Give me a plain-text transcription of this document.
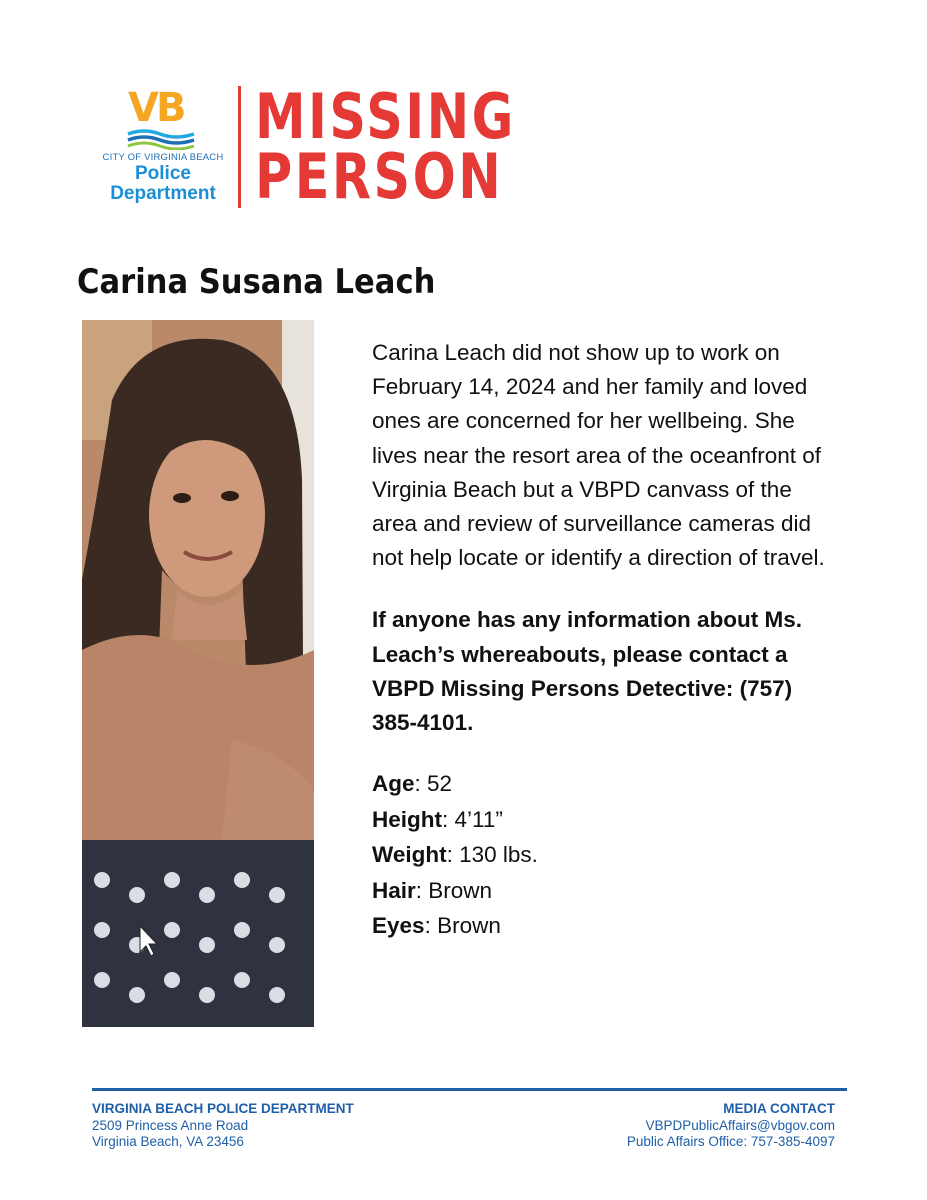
VB
CITY OF VIRGINIA BEACH
Police
Department
MISSING
PERSON
Carina Susana Leach

Carina Leach did not show up to work on February 14, 2024 and her family and loved ones are concerned for her wellbeing. She lives near the resort area of the oceanfront of Virginia Beach but a VBPD canvass of the area and review of surveillance cameras did not help locate or identify a direction of travel.

If anyone has any information about Ms. Leach’s whereabouts, please contact a VBPD Missing Persons Detective: (757) 385-4101.

Age: 52
Height: 4’11”
Weight: 130 lbs.
Hair: Brown
Eyes: Brown
VIRGINIA BEACH POLICE DEPARTMENT
2509 Princess Anne Road
Virginia Beach, VA 23456
MEDIA CONTACT
VBPDPublicAffairs@vbgov.com
Public Affairs Office: 757-385-4097
